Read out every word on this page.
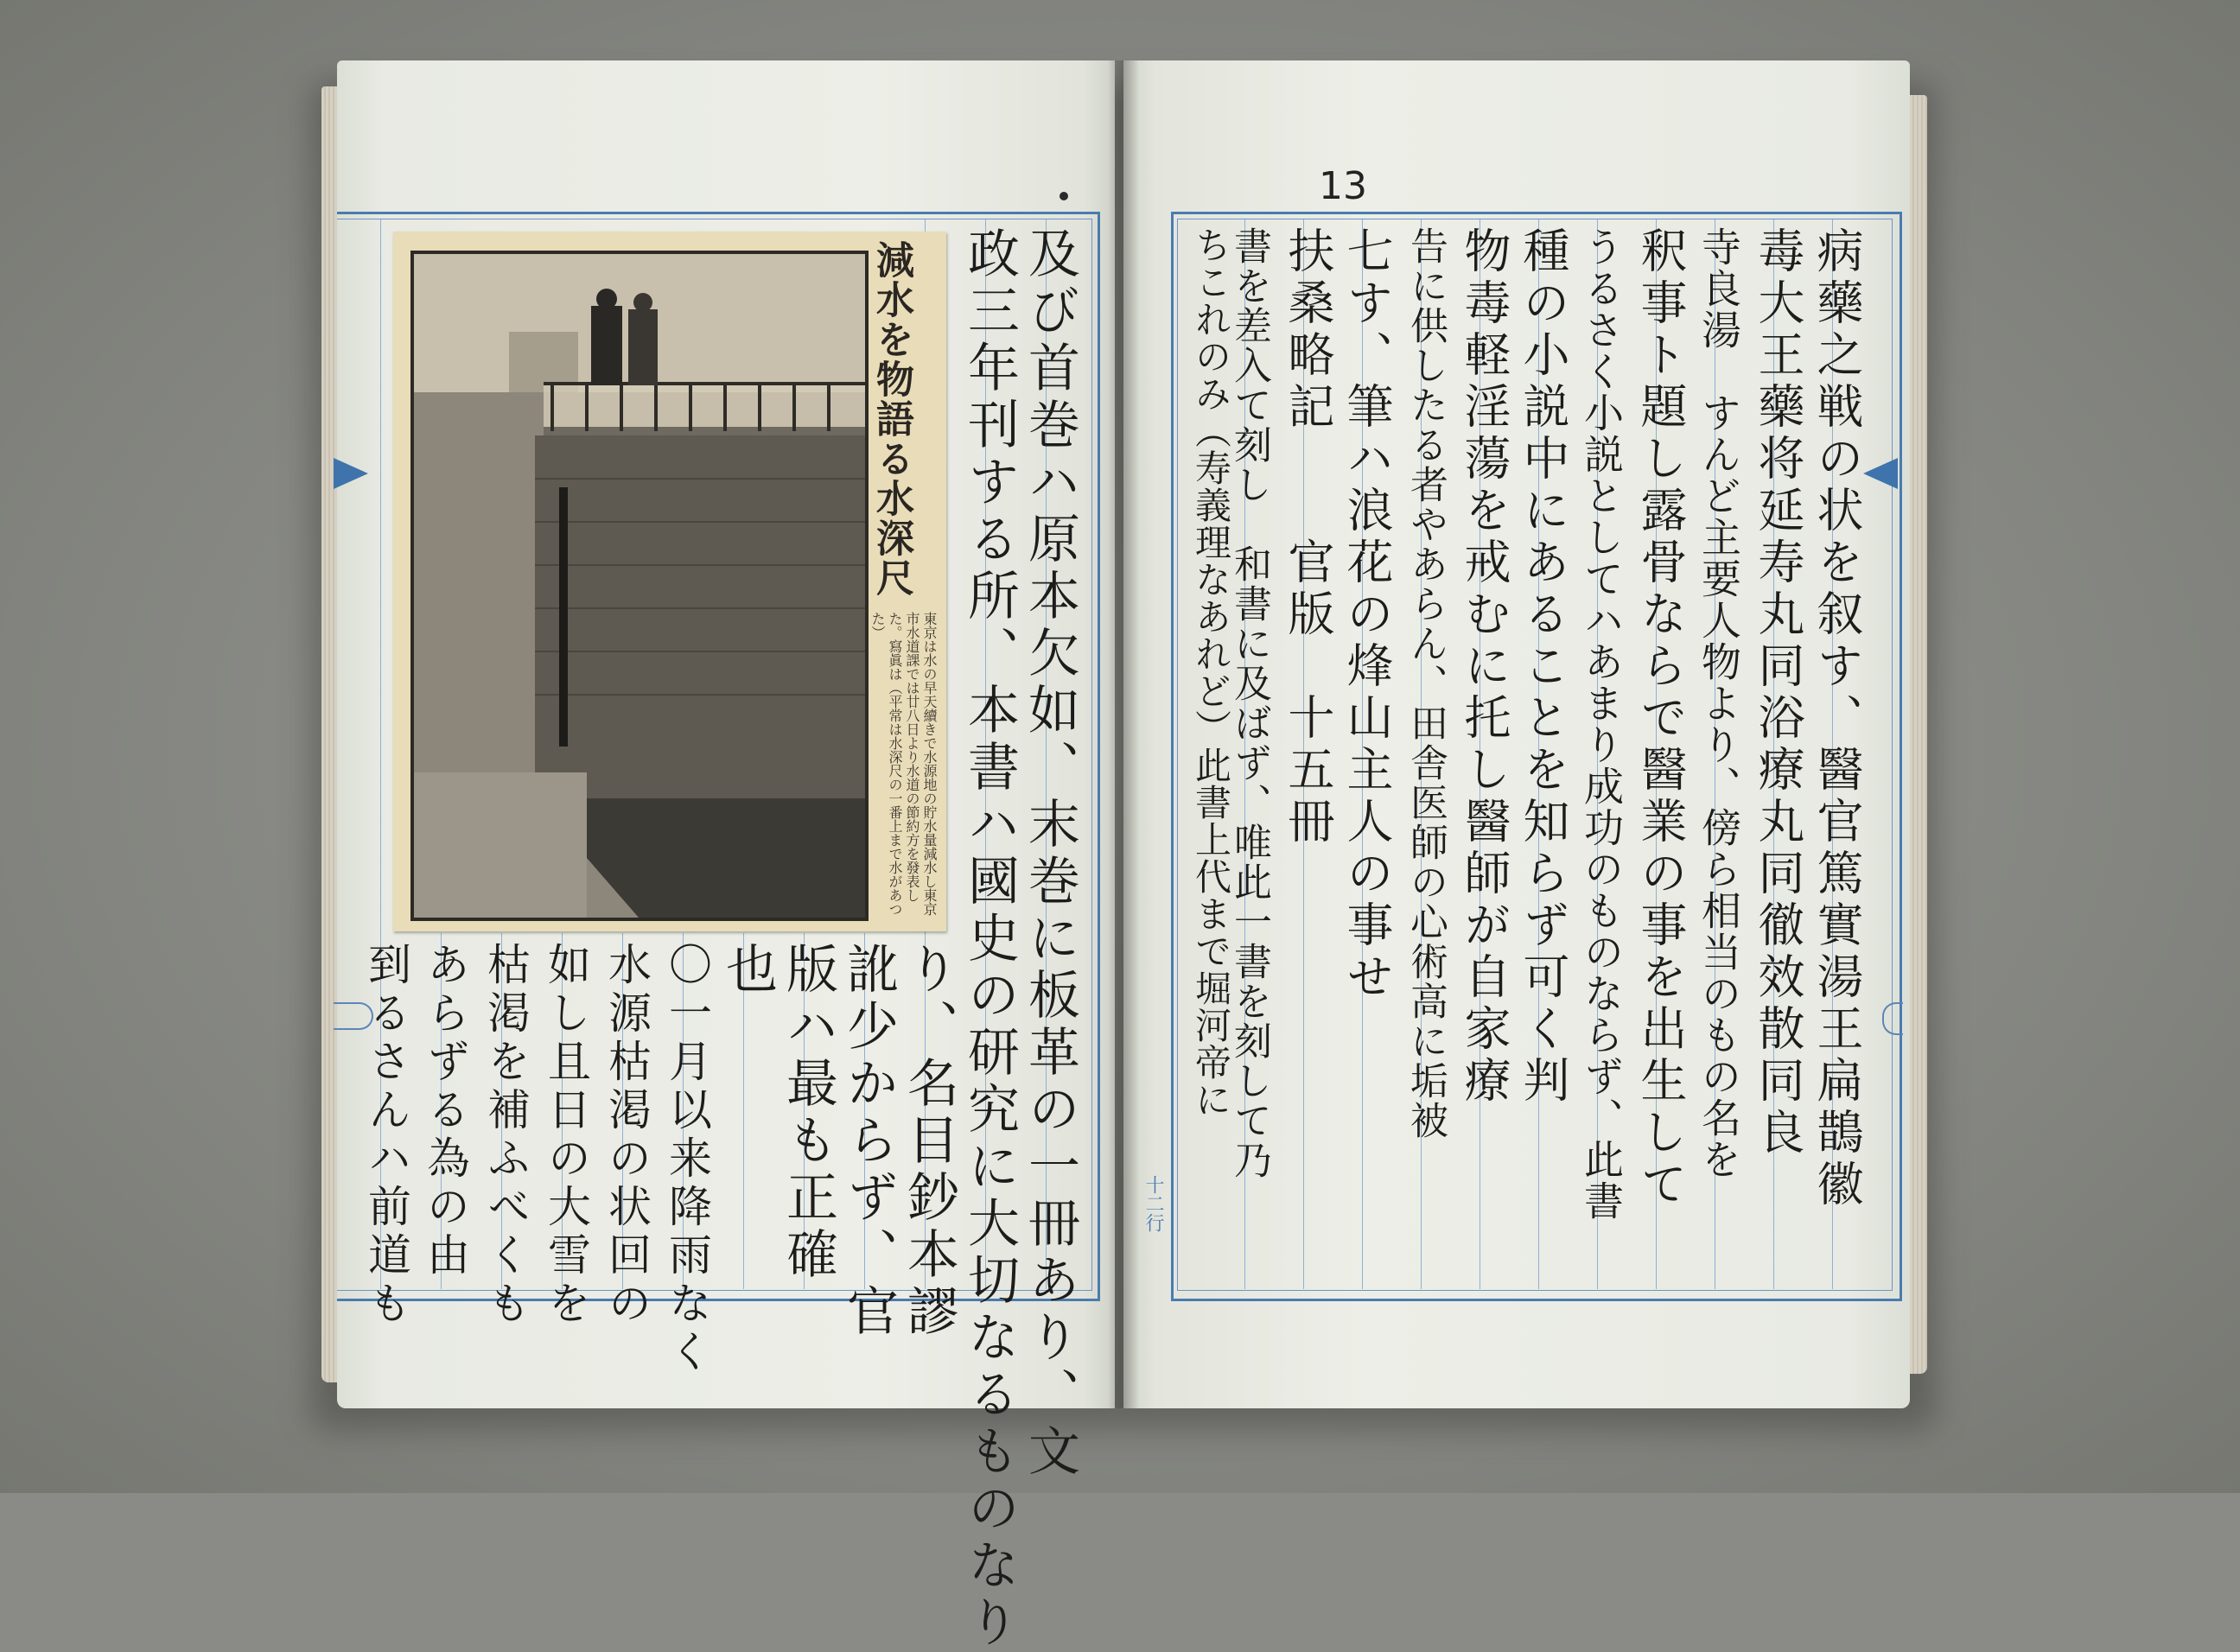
13
十二行
減水を物語る水深尺
東京は水の早天續きで水源地の貯水量減水し東京市水道課では廿八日より水道の節約方を發表した。寫眞は（平常は水深尺の一番上まで水があつた）	及び首巻ハ原本欠如、末巻に板革の一冊あり、文
政三年刊する所、本書ハ國史の研究に大切なるものなり
り、名目鈔本謬
訛少からず、官
版ハ最も正確
也
〇一月以来降雨なく
水源枯渇の状回の
如し且日の大雪を
枯渇を補ふべくも
あらずる為の由
到るさんハ前道も	病藥之戦の状を叙す、醫官篤實湯王扁鵲徽
毒大王藥将延寿丸同浴療丸同徹效散同良
寺良湯　すんど主要人物より、傍ら相当のもの名を
釈事ト題し露骨ならで醫業の事を出生して
うるさく小説としてハあまり成功のものならず、此書
種の小説中にあることを知らず可く判
物毒軽淫蕩を戒むに托し醫師が自家療
告に供したる者やあらん、田舎医師の心術高に垢被
七す、筆ハ浪花の烽山主人の事せ
扶桑略記　　官版　十五冊
書を差入て刻し　和書に及ばず、唯此一書を刻して乃
ちこれのみ（寿義理なあれど）此書上代まで堀河帝に
